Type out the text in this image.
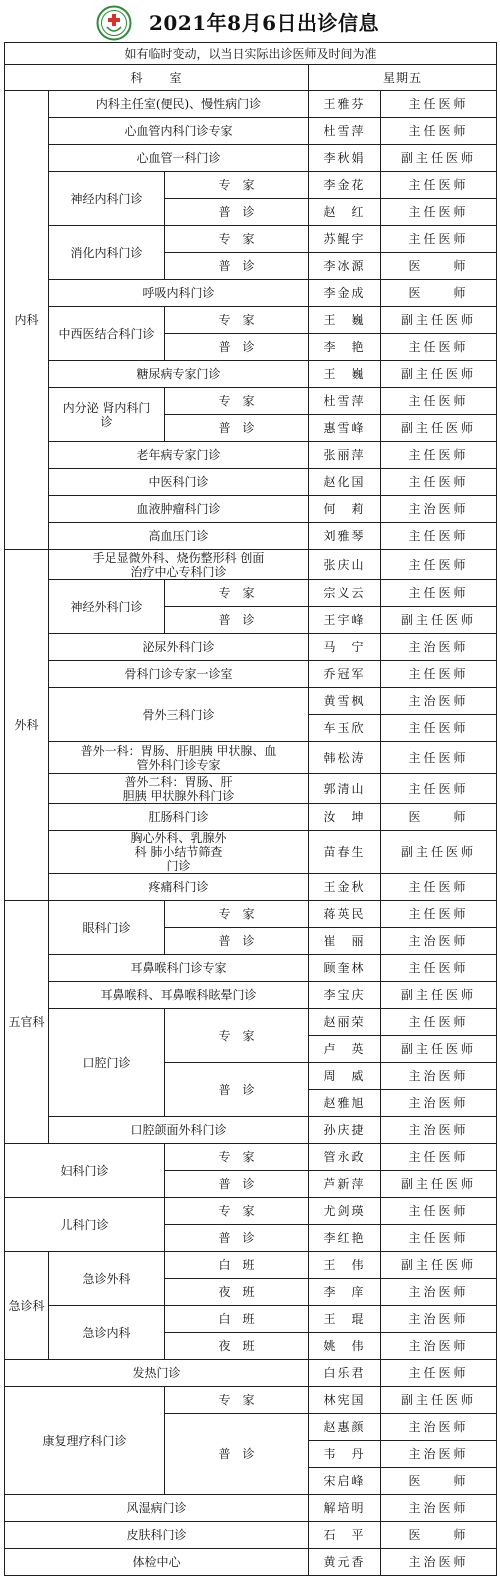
2021年8月6日出诊信息
如有临时变动，以当日实际出诊医师及时间为准				
科　　室			星期五	
内科	内科主任室(便民)、慢性病门诊		王雅芬	主任医师
	心血管内科门诊专家		杜雪萍	主任医师
	心血管一科门诊		李秋娟	副主任医师
	神经内科门诊	专　家	李金花	主任医师
		普　诊	赵　红	主任医师
	消化内科门诊	专　家	苏鲲宇	主任医师
		普　诊	李冰源	医　　师
	呼吸内科门诊		李金成	医　　师
	中西医结合科门诊	专　家	王　巍	副主任医师
		普　诊	李　艳	主任医师
	糖尿病专家门诊		王　巍	副主任医师
	内分泌 肾内科门诊	专　家	杜雪萍	主任医师
		普　诊	惠雪峰	副主任医师
	老年病专家门诊		张丽萍	主任医师
	中医科门诊		赵化国	主任医师
	血液肿瘤科门诊		何　莉	主治医师
	高血压门诊		刘雅琴	主任医师
外科	手足显微外科、烧伤整形科 创面治疗中心专科门诊		张庆山	主任医师
	神经外科门诊	专　家	宗义云	主任医师
		普　诊	王宇峰	副主任医师
	泌尿外科门诊		马　宁	主治医师
	骨科门诊专家一诊室		乔冠军	主任医师
	骨外三科门诊		黄雪枫	主治医师
			车玉欣	主任医师
	普外一科：胃肠、肝胆胰 甲状腺、血管外科门诊专家		韩松涛	主任医师
	普外二科：胃肠、肝胆胰 甲状腺外科门诊		郭清山	主任医师
	肛肠科门诊		汝　坤	医　　师
	胸心外科、乳腺外科 肺小结节筛查门诊		苗春生	副主任医师
	疼痛科门诊		王金秋	主任医师
五官科	眼科门诊	专　家	蒋英民	主任医师
		普　诊	崔　丽	主治医师
	耳鼻喉科门诊专家		顾奎林	主任医师
	耳鼻喉科、耳鼻喉科眩晕门诊		李宝庆	副主任医师
	口腔门诊	专　家	赵丽荣	主任医师
			卢　英	副主任医师
		普　诊	周　威	主治医师
			赵雅旭	主治医师
	口腔颌面外科门诊		孙庆捷	主治医师
妇科门诊		专　家	管永政	主任医师
		普　诊	芦新萍	副主任医师
儿科门诊		专　家	尤剑瑛	主任医师
		普　诊	李红艳	主任医师
急诊科	急诊外科	白　班	王　伟	副主任医师
		夜　班	李　庠	主治医师
	急诊内科	白　班	王　琨	主治医师
		夜　班	姚　伟	主治医师
发热门诊			白乐君	主任医师
康复理疗科门诊		专　家	林宪国	副主任医师
		普　诊	赵惠颜	主治医师
			韦　丹	主治医师
			宋启峰	医　　师
风湿病门诊			解培明	主治医师
皮肤科门诊			石　平	医　　师
体检中心			黄元香	主治医师
